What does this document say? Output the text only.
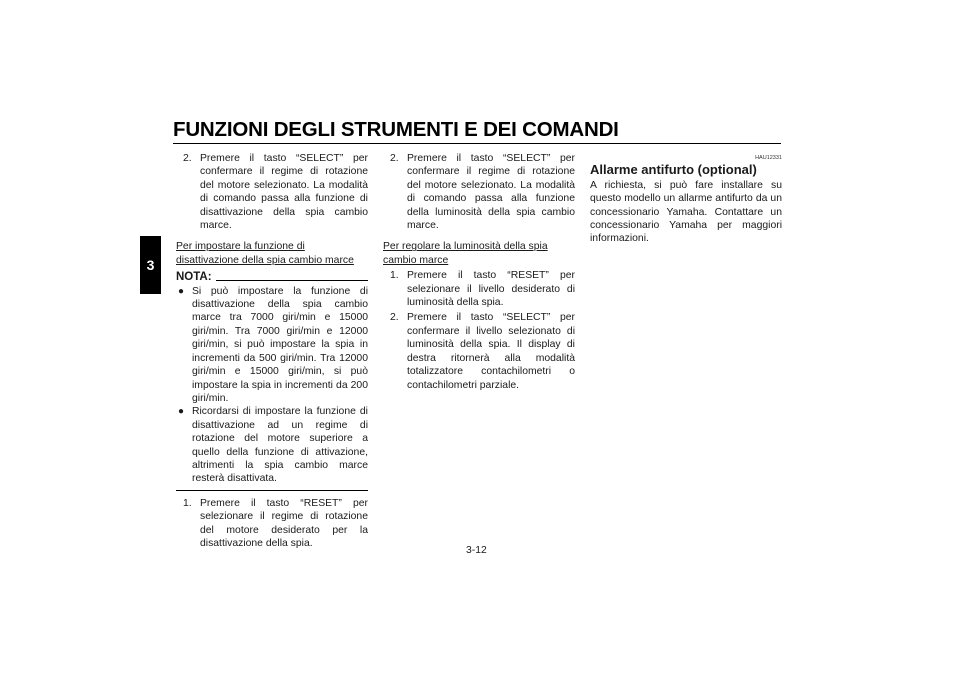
FUNZIONI DEGLI STRUMENTI E DEI COMANDI
3
2. Premere il tasto “SELECT” per confermare il regime di rotazione del motore selezionato. La modalità di comando passa alla funzione di disattivazione della spia cambio marce.
Per impostare la funzione di disattivazione della spia cambio marce
NOTA:
● Si può impostare la funzione di disattivazione della spia cambio marce tra 7000 giri/min e 15000 giri/min. Tra 7000 giri/min e 12000 giri/min, si può impostare la spia in incrementi da 500 giri/min. Tra 12000 giri/min e 15000 giri/min, si può impostare la spia in incrementi da 200 giri/min.
● Ricordarsi di impostare la funzione di disattivazione ad un regime di rotazione del motore superiore a quello della funzione di attivazione, altrimenti la spia cambio marce resterà disattivata.
1. Premere il tasto “RESET” per selezionare il regime di rotazione del motore desiderato per la disattivazione della spia.
2. Premere il tasto “SELECT” per confermare il regime di rotazione del motore selezionato. La modalità di comando passa alla funzione della luminosità della spia cambio marce.
Per regolare la luminosità della spia cambio marce
1. Premere il tasto “RESET” per selezionare il livello desiderato di luminosità della spia.
2. Premere il tasto “SELECT” per confermare il livello selezionato di luminosità della spia. Il display di destra ritornerà alla modalità totalizzatore contachilometri o contachilometri parziale.
HAU12331
Allarme antifurto (optional)
A richiesta, si può fare installare su questo modello un allarme antifurto da un concessionario Yamaha. Contattare un concessionario Yamaha per maggiori informazioni.
3-12
